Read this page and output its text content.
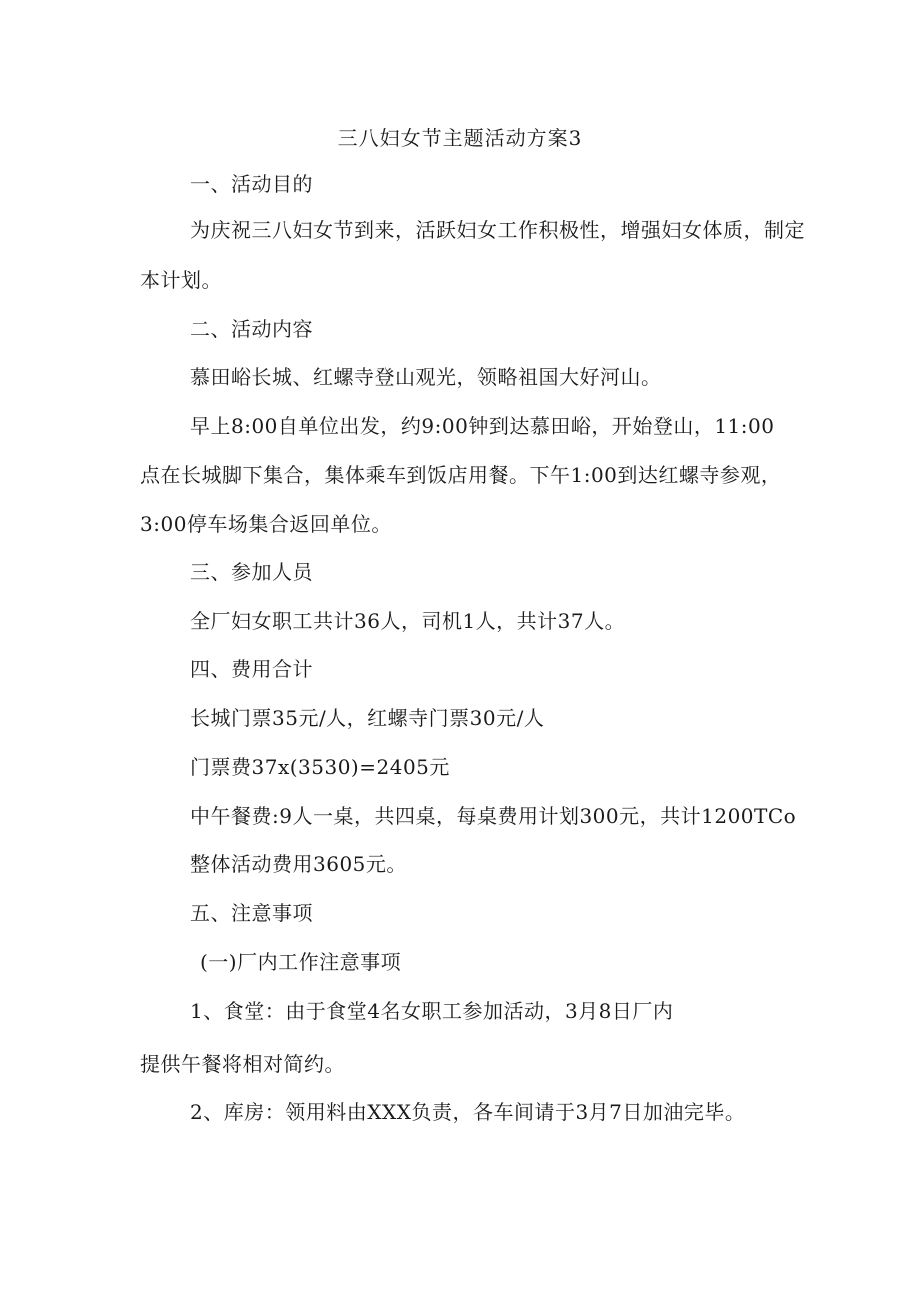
三八妇女节主题活动方案3
一、活动目的
为庆祝三八妇女节到来，活跃妇女工作积极性，增强妇女体质，制定
本计划。
二、活动内容
慕田峪长城、红螺寺登山观光，领略祖国大好河山。
早上8:00自单位出发，约9:00钟到达慕田峪，开始登山，11:00
点在长城脚下集合，集体乘车到饭店用餐。下午1:00到达红螺寺参观，
3:00停车场集合返回单位。
三、参加人员
全厂妇女职工共计36人，司机1人，共计37人。
四、费用合计
长城门票35元/人，红螺寺门票30元/人
门票费37x(3530)=2405元
中午餐费:9人一桌，共四桌，每桌费用计划300元，共计1200TCo
整体活动费用3605元。
五、注意事项
(一)厂内工作注意事项
1、食堂：由于食堂4名女职工参加活动，3月8日厂内
提供午餐将相对简约。
2、库房：领用料由XXX负责，各车间请于3月7日加油完毕。
